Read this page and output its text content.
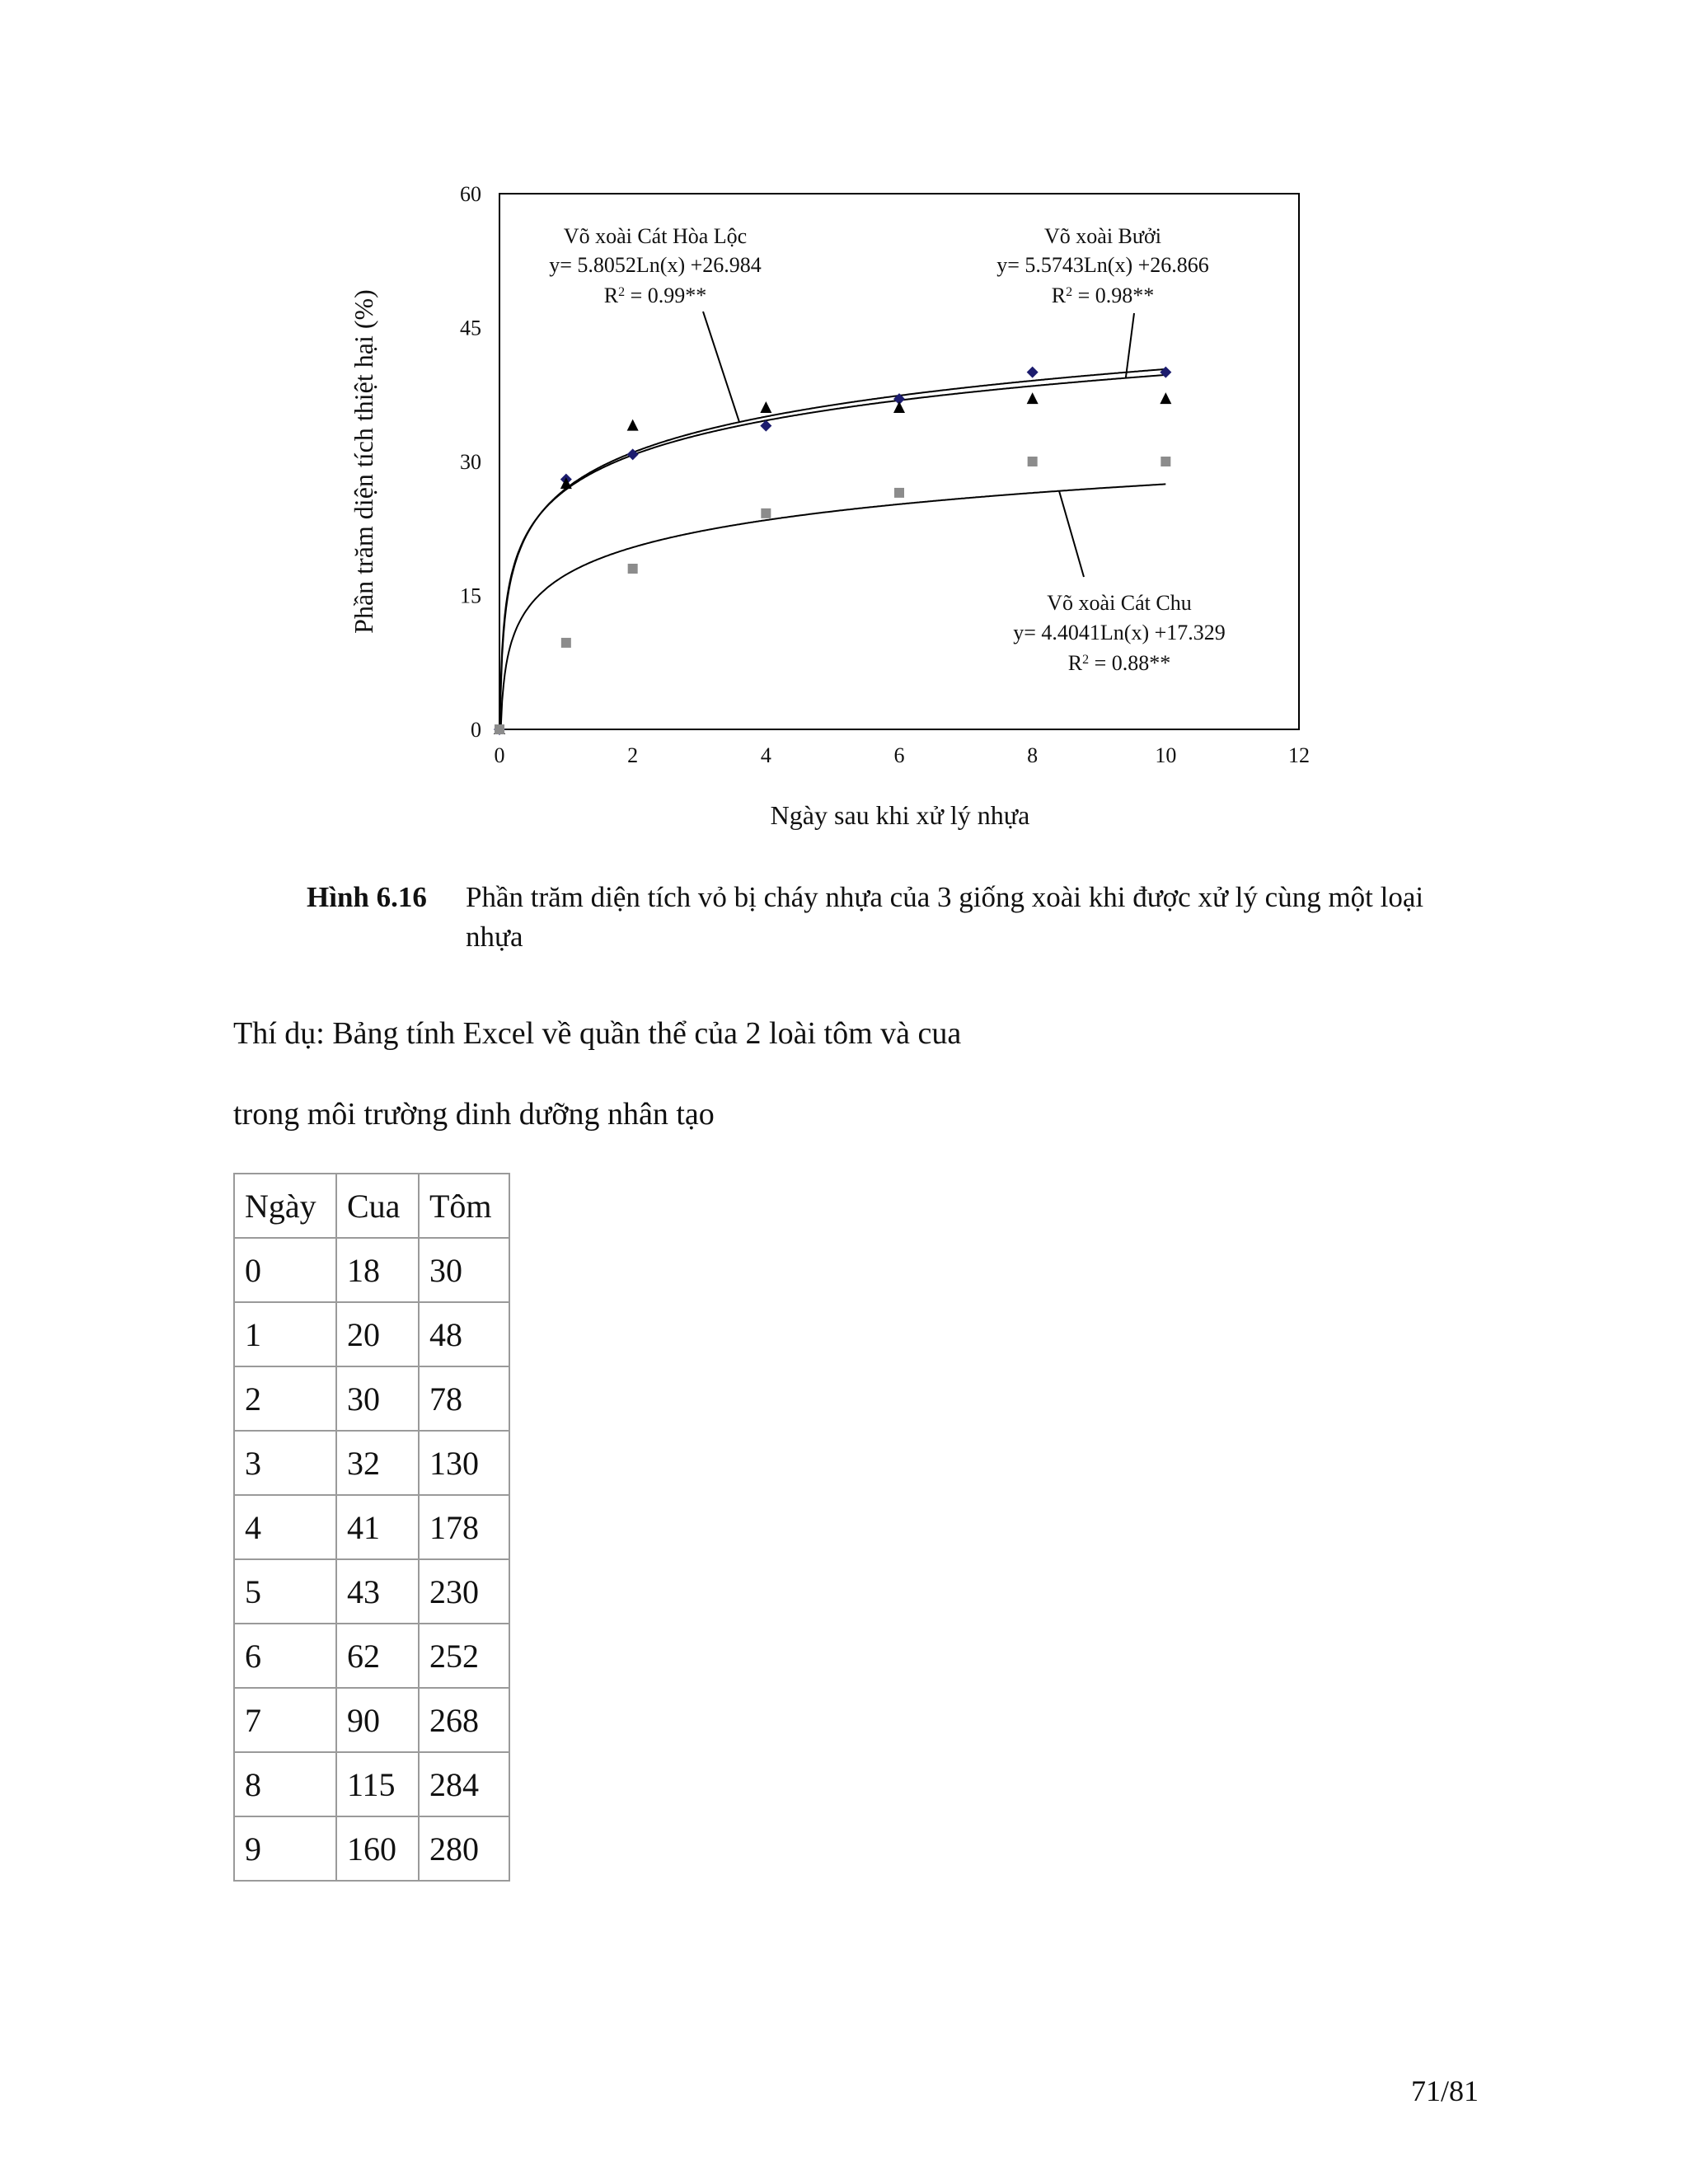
0	2	4	6	8	10	12
0
15
30
45
60
Ngày sau khi xử lý nhựa
Phần trăm diện tích thiệt hại (%)
Võ xoài Cát Hòa Lộc
y= 5.8052Ln(x) +26.984
$R^2 = 0.99**$
Võ xoài Bưởi
y= 5.5743Ln(x) +26.866
$R^2 = 0.98**$
Võ xoài Cát Chu
y= 4.4041Ln(x) +17.329
$R^2 = 0.88**$
Hình 6.16 Phần trăm diện tích vỏ bị cháy nhựa của 3 giống xoài khi được xử lý cùng một loại nhựa
Thí dụ: Bảng tính Excel về quần thể của 2 loài tôm và cua
trong môi trường dinh dưỡng nhân tạo
Ngày	Cua	Tôm
0	18	30
1	20	48
2	30	78
3	32	130
4	41	178
5	43	230
6	62	252
7	90	268
8	115	284
9	160	280
71/81
